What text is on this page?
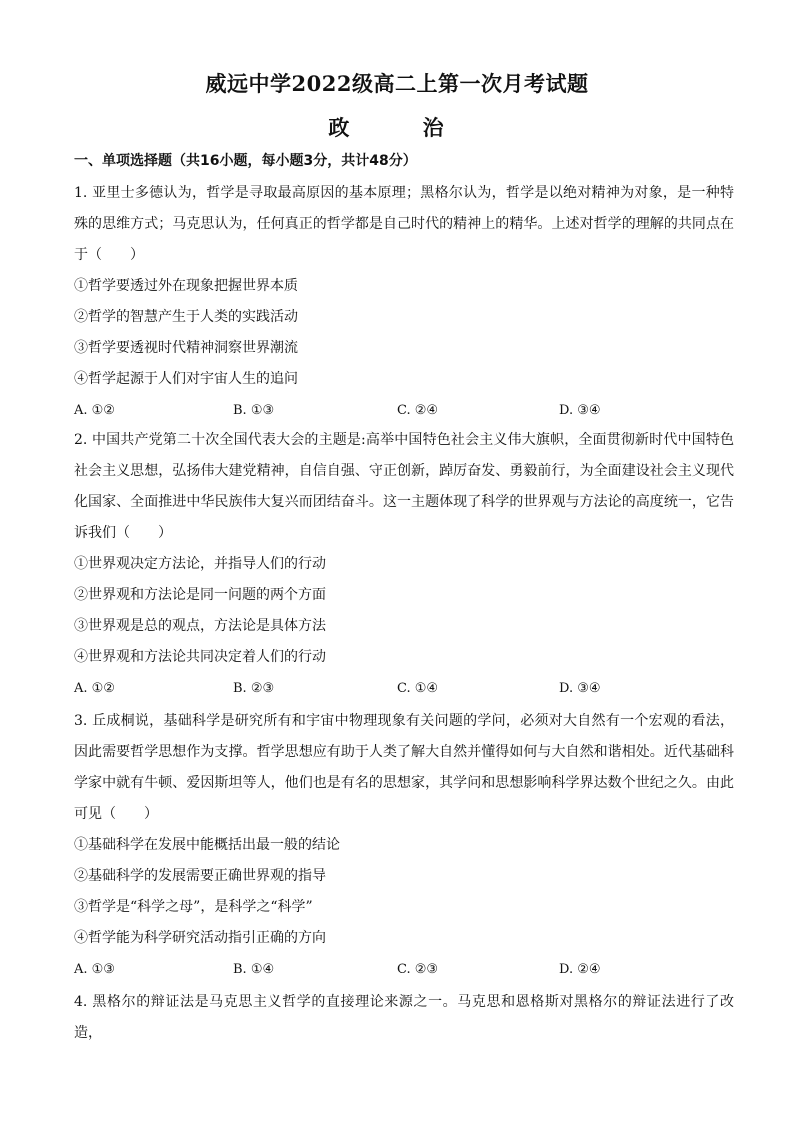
威远中学2022级高二上第一次月考试题
政 治
一、单项选择题（共16小题，每小题3分，共计48分）
1. 亚里士多德认为，哲学是寻取最高原因的基本原理；黑格尔认为，哲学是以绝对精神为对象，是一种特殊的思维方式；马克思认为，任何真正的哲学都是自己时代的精神上的精华。上述对哲学的理解的共同点在于（　　）
①哲学要透过外在现象把握世界本质
②哲学的智慧产生于人类的实践活动
③哲学要透视时代精神洞察世界潮流
④哲学起源于人们对宇宙人生的追问
A. ①②	B. ①③	C. ②④	D. ③④
2. 中国共产党第二十次全国代表大会的主题是:高举中国特色社会主义伟大旗帜，全面贯彻新时代中国特色社会主义思想，弘扬伟大建党精神，自信自强、守正创新，踔厉奋发、勇毅前行，为全面建设社会主义现代化国家、全面推进中华民族伟大复兴而团结奋斗。这一主题体现了科学的世界观与方法论的高度统一，它告诉我们（　　）
①世界观决定方法论，并指导人们的行动
②世界观和方法论是同一问题的两个方面
③世界观是总的观点，方法论是具体方法
④世界观和方法论共同决定着人们的行动
A. ①②	B. ②③	C. ①④	D. ③④
3. 丘成桐说，基础科学是研究所有和宇宙中物理现象有关问题的学问，必须对大自然有一个宏观的看法，因此需要哲学思想作为支撑。哲学思想应有助于人类了解大自然并懂得如何与大自然和谐相处。近代基础科学家中就有牛顿、爱因斯坦等人，他们也是有名的思想家，其学问和思想影响科学界达数个世纪之久。由此可见（　　）
①基础科学在发展中能概括出最一般的结论
②基础科学的发展需要正确世界观的指导
③哲学是“科学之母”，是科学之“科学”
④哲学能为科学研究活动指引正确的方向
A. ①③	B. ①④	C. ②③	D. ②④
4. 黑格尔的辩证法是马克思主义哲学的直接理论来源之一。马克思和恩格斯对黑格尔的辩证法进行了改造，
